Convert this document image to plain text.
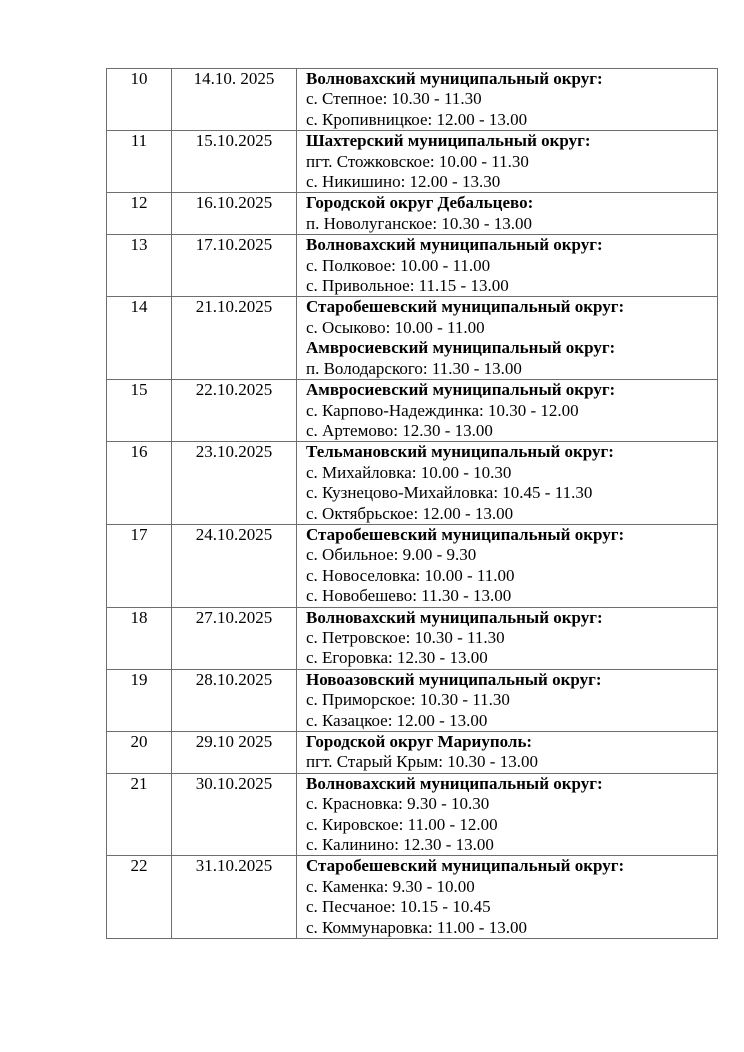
10	14.10. 2025	Волновахский муниципальный округ:
с. Степное: 10.30 - 11.30
с. Кропивницкое: 12.00 - 13.00

11	15.10.2025	Шахтерский муниципальный округ:
пгт. Стожковское: 10.00 - 11.30
с. Никишино: 12.00 - 13.30

12	16.10.2025	Городской округ Дебальцево:
п. Новолуганское: 10.30 - 13.00

13	17.10.2025	Волновахский муниципальный округ:
с. Полковое: 10.00 - 11.00
с. Привольное: 11.15 - 13.00

14	21.10.2025	Старобешевский муниципальный округ:
с. Осыково: 10.00 - 11.00
Амвросиевский муниципальный округ:
п. Володарского: 11.30 - 13.00

15	22.10.2025	Амвросиевский муниципальный округ:
с. Карпово-Надеждинка: 10.30 - 12.00
с. Артемово: 12.30 - 13.00

16	23.10.2025	Тельмановский муниципальный округ:
с. Михайловка: 10.00 - 10.30
с. Кузнецово-Михайловка: 10.45 - 11.30
с. Октябрьское: 12.00 - 13.00

17	24.10.2025	Старобешевский муниципальный округ:
с. Обильное: 9.00 - 9.30
с. Новоселовка: 10.00 - 11.00
с. Новобешево: 11.30 - 13.00

18	27.10.2025	Волновахский муниципальный округ:
с. Петровское: 10.30 - 11.30
с. Егоровка: 12.30 - 13.00

19	28.10.2025	Новоазовский муниципальный округ:
с. Приморское: 10.30 - 11.30
с. Казацкое: 12.00 - 13.00

20	29.10 2025	Городской округ Мариуполь:
пгт. Старый Крым: 10.30 - 13.00

21	30.10.2025	Волновахский муниципальный округ:
с. Красновка: 9.30 - 10.30
с. Кировское: 11.00 - 12.00
с. Калинино: 12.30 - 13.00

22	31.10.2025	Старобешевский муниципальный округ:
с. Каменка: 9.30 - 10.00
с. Песчаное: 10.15 - 10.45
с. Коммунаровка: 11.00 - 13.00
